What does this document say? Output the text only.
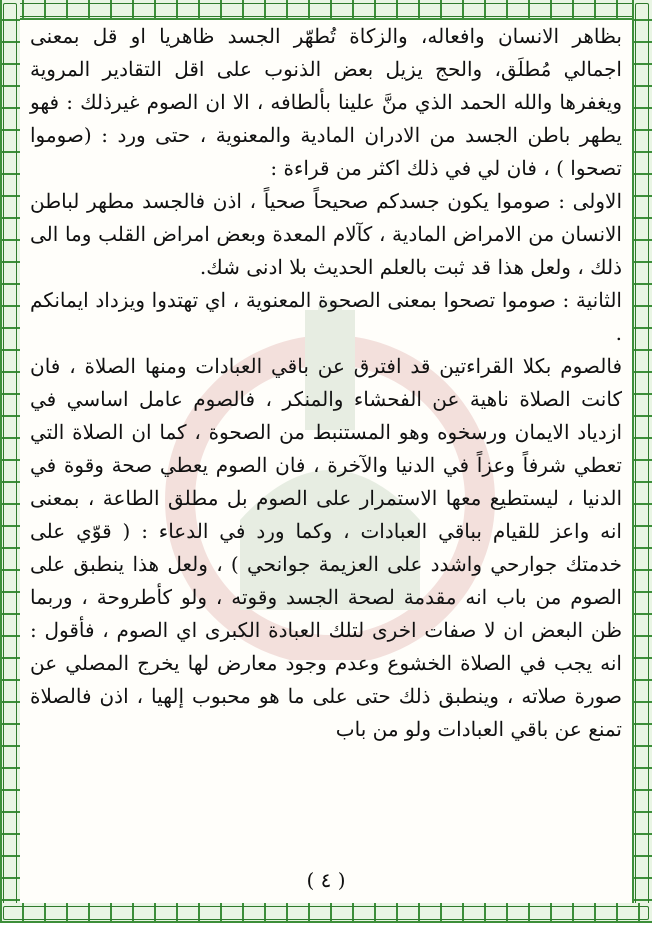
بظاهر الانسان وافعاله، والزكاة تُطهّر الجسد ظاهريا او قل بمعنى اجمالي مُطلَق، والحج يزيل بعض الذنوب على اقل التقادير المروية ويغفرها والله الحمد الذي منَّ علينا بألطافه ، الا ان الصوم غيرذلك : فهو يطهر باطن الجسد من الادران المادية والمعنوية ، حتى ورد : (صوموا تصحوا ) ، فان لي في ذلك اكثر من قراءة :

الاولى : صوموا يكون جسدكم صحيحاً صحياً ، اذن فالجسد مطهر لباطن الانسان من الامراض المادية ، كآلام المعدة وبعض امراض القلب وما الى ذلك ، ولعل هذا قد ثبت بالعلم الحديث بلا ادنى شك.

الثانية : صوموا تصحوا بمعنى الصحوة المعنوية ، اي تهتدوا ويزداد ايمانكم .

فالصوم بكلا القراءتين قد افترق عن باقي العبادات ومنها الصلاة ، فان كانت الصلاة ناهية عن الفحشاء والمنكر ، فالصوم عامل اساسي في ازدياد الايمان ورسخوه وهو المستنبط من الصحوة ، كما ان الصلاة التي تعطي شرفاً وعزاً في الدنيا والآخرة ، فان الصوم يعطي صحة وقوة في الدنيا ، ليستطيع معها الاستمرار على الصوم بل مطلق الطاعة ، بمعنى انه واعز للقيام بباقي العبادات ، وكما ورد في الدعاء : ( قوّي على خدمتك جوارحي واشدد على العزيمة جوانحي ) ، ولعل هذا ينطبق على الصوم من باب انه مقدمة لصحة الجسد وقوته ، ولو كأطروحة ، وربما ظن البعض ان لا صفات اخرى لتلك العبادة الكبرى اي الصوم ، فأقول : انه يجب في الصلاة الخشوع وعدم وجود معارض لها يخرج المصلي عن صورة صلاته ، وينطبق ذلك حتى على ما هو محبوب إلهيا ، اذن فالصلاة تمنع عن باقي العبادات ولو من باب

( ٤ )
